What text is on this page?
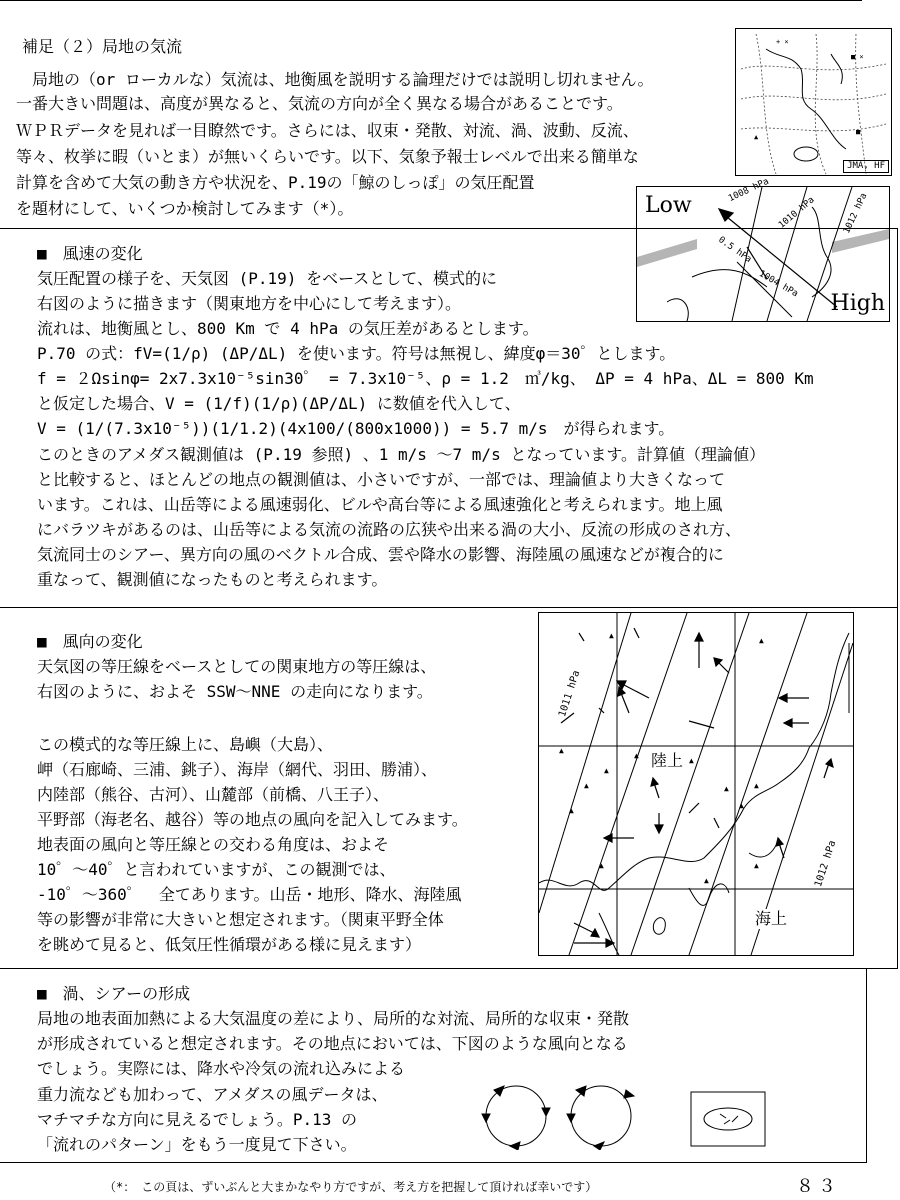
補足（２）局地の気流
　局地の（or ローカルな）気流は、地衡風を説明する論理だけでは説明し切れません。
一番大きい問題は、高度が異なると、気流の方向が全く異なる場合があることです。
ＷＰＲデータを見れば一目瞭然です。さらには、収束・発散、対流、渦、波動、反流、
等々、枚挙に暇（いとま）が無いくらいです。以下、気象予報士レベルで出来る簡単な
計算を含めて大気の動き方や状況を、P.19の「鯨のしっぽ」の気圧配置
を題材にして、いくつか検討してみます（*）。
+ ×
■ ×
■
▲
JMA, HF
Low
High
1008 hPa
1010 hPa	1012 hPa
0.5 hPa
1004 hPa
■　風速の変化
気圧配置の様子を、天気図 (P.19) をベースとして、模式的に
右図のように描きます（関東地方を中心にして考えます）。
流れは、地衡風とし、800 Km で 4 hPa の気圧差があるとします。
P.70 の式：fV=(1/ρ) (ΔP/ΔL) を使います。符号は無視し、緯度φ＝30゜とします。
f = ２Ωsinφ= 2x7.3x10⁻⁵sin30゜ = 7.3x10⁻⁵、ρ = 1.2　㎥/kg、 ΔP = 4 hPa、ΔL = 800 Km
と仮定した場合、V = (1/f)(1/ρ)(ΔP/ΔL) に数値を代入して、
V = (1/(7.3x10⁻⁵))(1/1.2)(4x100/(800x1000)) = 5.7 m/s　が得られます。
このときのアメダス観測値は (P.19 参照) 、1 m/s ～7 m/s となっています。計算値（理論値）
と比較すると、ほとんどの地点の観測値は、小さいですが、一部では、理論値より大きくなって
います。これは、山岳等による風速弱化、ビルや高台等による風速強化と考えられます。地上風
にバラツキがあるのは、山岳等による気流の流路の広狭や出来る渦の大小、反流の形成のされ方、
気流同士のシアー、異方向の風のベクトル合成、雲や降水の影響、海陸風の風速などが複合的に
重なって、観測値になったものと考えられます。
■　風向の変化
天気図の等圧線をベースとしての関東地方の等圧線は、
右図のように、およそ SSW～NNE の走向になります。
この模式的な等圧線上に、島嶼（大島）、
岬（石廊崎、三浦、銚子）、海岸（網代、羽田、勝浦）、
内陸部（熊谷、古河）、山麓部（前橋、八王子）、
平野部（海老名、越谷）等の地点の風向を記入してみます。
地表面の風向と等圧線との交わる角度は、およそ
10゜～40゜と言われていますが、この観測では、
-10゜～360゜　全てあります。山岳・地形、降水、海陸風
等の影響が非常に大きいと想定されます。（関東平野全体
を眺めて見ると、低気圧性循環がある様に見えます）
▲
▲
▲
▲
▲
▲
▲	▲
▲
▲
▲
▲	▲
▲
1011 hPa
1012 hPa
陸上
海上
■　渦、シアーの形成
局地の地表面加熱による大気温度の差により、局所的な対流、局所的な収束・発散
が形成されていると想定されます。その地点においては、下図のような風向となる
でしょう。実際には、降水や冷気の流れ込みによる
重力流なども加わって、アメダスの風データは、
マチマチな方向に見えるでしょう。P.13 の
「流れのパターン」をもう一度見て下さい。
（*：　この頁は、ずいぶんと大まかなやり方ですが、考え方を把握して頂ければ幸いです）	８３
